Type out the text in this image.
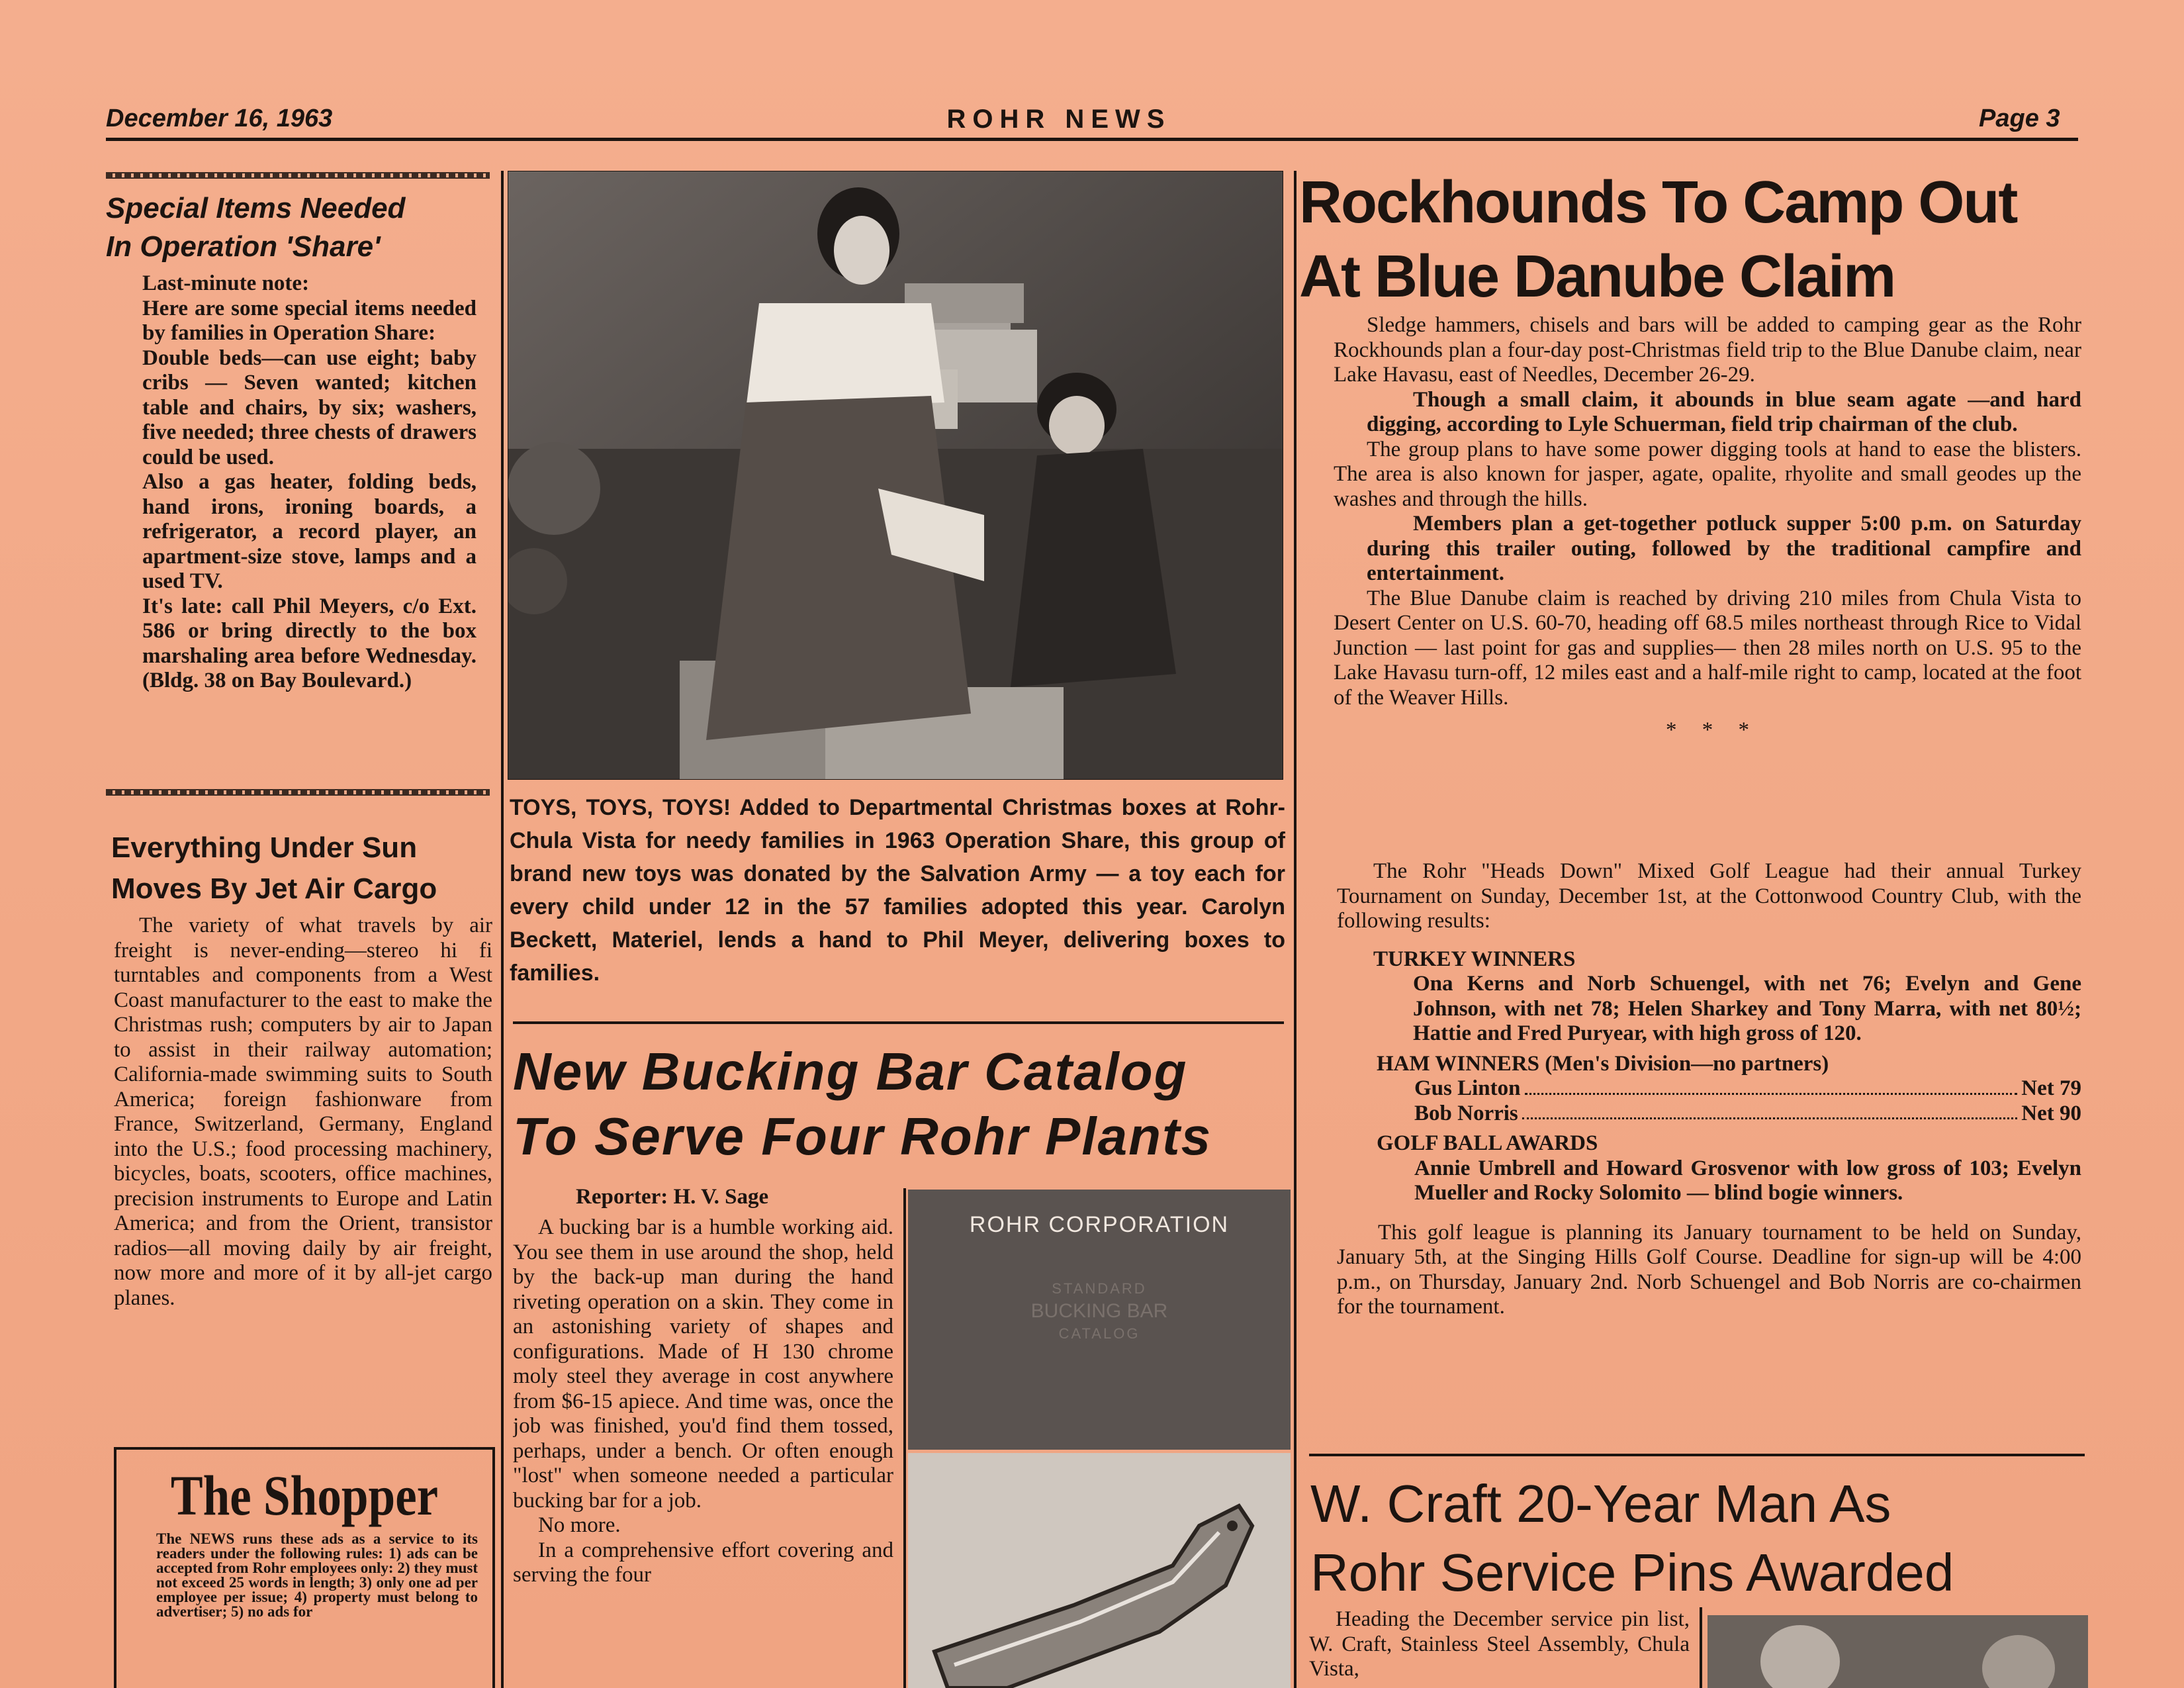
December 16, 1963	ROHR NEWS	Page 3
Special Items Needed
In Operation 'Share'

Last-minute note:

Here are some special items needed by families in Operation Share:

Double beds—can use eight; baby cribs — Seven wanted; kitchen table and chairs, by six; washers, five needed; three chests of drawers could be used.

Also a gas heater, folding beds, hand irons, ironing boards, a refrigerator, a record player, an apartment-size stove, lamps and a used TV.

It's late: call Phil Meyers, c/o Ext. 586 or bring directly to the box marshaling area before Wednesday. (Bldg. 38 on Bay Boulevard.)

Everything Under Sun
Moves By Jet Air Cargo

The variety of what travels by air freight is never-ending—stereo hi fi turntables and components from a West Coast manufacturer to the east to make the Christmas rush; computers by air to Japan to assist in their railway automation; California-made swimming suits to South America; foreign fashionware from France, Switzerland, Germany, England into the U.S.; food processing machinery, bicycles, boats, scooters, office machines, precision instruments to Europe and Latin America; and from the Orient, transistor radios—all moving daily by air freight, now more and more of it by all-jet cargo planes.

The Shopper
The NEWS runs these ads as a service to its readers under the following rules: 1) ads can be accepted from Rohr employees only: 2) they must not exceed 25 words in length; 3) only one ad per employee per issue; 4) property must belong to advertiser; 5) no ads for
TOYS, TOYS, TOYS! Added to Departmental Christmas boxes at Rohr-Chula Vista for needy families in 1963 Operation Share, this group of brand new toys was donated by the Salvation Army — a toy each for every child under 12 in the 57 families adopted this year. Carolyn Beckett, Materiel, lends a hand to Phil Meyer, delivering boxes to families.
New Bucking Bar Catalog
To Serve Four Rohr Plants
Reporter: H. V. Sage

A bucking bar is a humble working aid. You see them in use around the shop, held by the back-up man during the hand riveting operation on a skin. They come in an astonishing variety of shapes and configurations. Made of H 130 chrome moly steel they average in cost anywhere from $6-15 apiece. And time was, once the job was finished, you'd find them tossed, perhaps, under a bench. Or often enough "lost" when someone needed a particular bucking bar for a job.

No more.

In a comprehensive effort covering and serving the four

ROHR CORPORATION
STANDARD
BUCKING BAR
CATALOG
Rockhounds To Camp Out
At Blue Danube Claim

Sledge hammers, chisels and bars will be added to camping gear as the Rohr Rockhounds plan a four-day post-Christmas field trip to the Blue Danube claim, near Lake Havasu, east of Needles, December 26-29.

Though a small claim, it abounds in blue seam agate —and hard digging, according to Lyle Schuerman, field trip chairman of the club.

The group plans to have some power digging tools at hand to ease the blisters. The area is also known for jasper, agate, opalite, rhyolite and small geodes up the washes and through the hills.

Members plan a get-together potluck supper 5:00 p.m. on Saturday during this trailer outing, followed by the traditional campfire and entertainment.

The Blue Danube claim is reached by driving 210 miles from Chula Vista to Desert Center on U.S. 60-70, heading off 68.5 miles northeast through Rice to Vidal Junction — last point for gas and supplies— then 28 miles north on U.S. 95 to the Lake Havasu turn-off, 12 miles east and a half-mile right to camp, located at the foot of the Weaver Hills.

* * *

The Rohr "Heads Down" Mixed Golf League had their annual Turkey Tournament on Sunday, December 1st, at the Cottonwood Country Club, with the following results:

TURKEY WINNERS
Ona Kerns and Norb Schuengel, with net 76; Evelyn and Gene Johnson, with net 78; Helen Sharkey and Tony Marra, with net 80½; Hattie and Fred Puryear, with high gross of 120.
HAM WINNERS (Men's Division—no partners)
Gus Linton	Net 79
Bob Norris	Net 90
GOLF BALL AWARDS
Annie Umbrell and Howard Grosvenor with low gross of 103; Evelyn Mueller and Rocky Solomito — blind bogie winners.

This golf league is planning its January tournament to be held on Sunday, January 5th, at the Singing Hills Golf Course. Deadline for sign-up will be 4:00 p.m., on Thursday, January 2nd. Norb Schuengel and Bob Norris are co-chairmen for the tournament.

W. Craft 20-Year Man As
Rohr Service Pins Awarded

Heading the December service pin list, W. Craft, Stainless Steel Assembly, Chula Vista,
